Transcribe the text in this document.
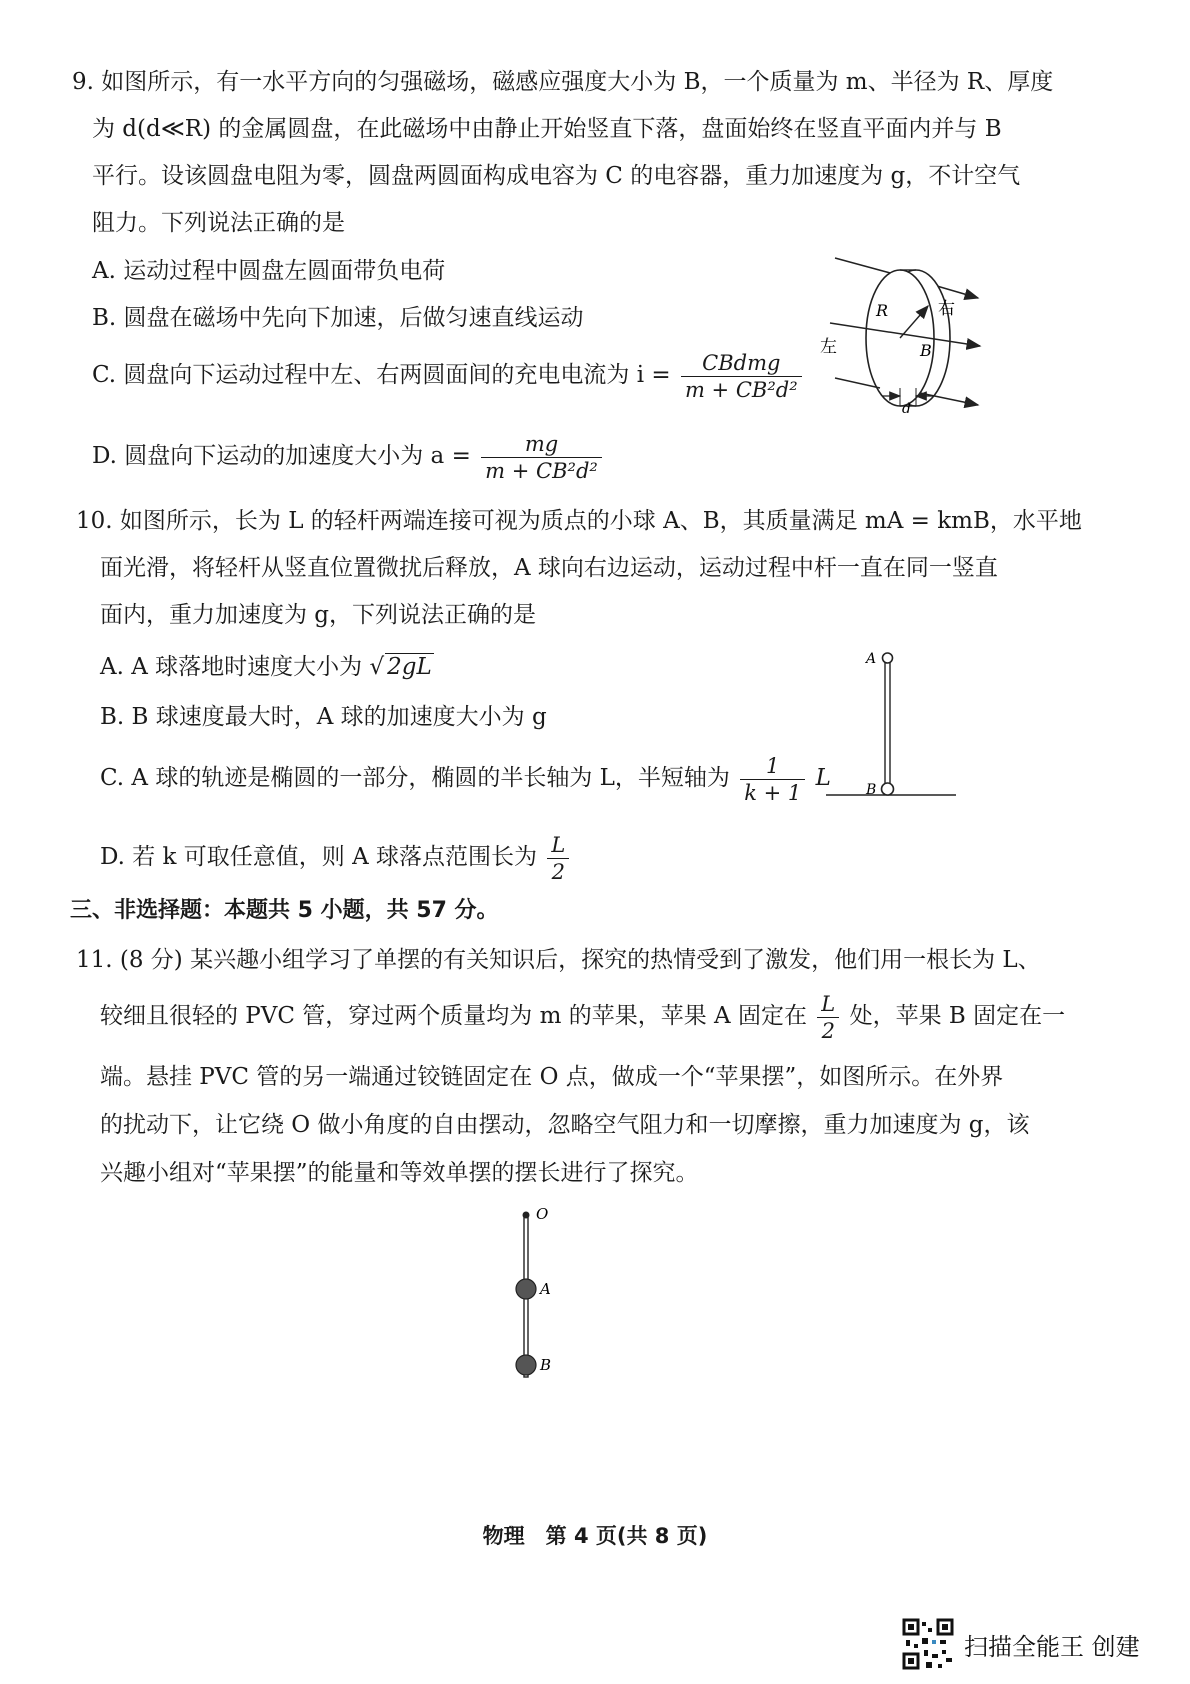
9. 如图所示，有一水平方向的匀强磁场，磁感应强度大小为 B，一个质量为 m、半径为 R、厚度
为 d(d≪R) 的金属圆盘，在此磁场中由静止开始竖直下落，盘面始终在竖直平面内并与 B
平行。设该圆盘电阻为零，圆盘两圆面构成电容为 C 的电容器，重力加速度为 g，不计空气
阻力。下列说法正确的是
A. 运动过程中圆盘左圆面带负电荷
B. 圆盘在磁场中先向下加速，后做匀速直线运动
C. 圆盘向下运动过程中左、右两圆面间的充电电流为 $i = \frac{\text{CBdmg}}{\text{m + CB²d²}}$
D. 圆盘向下运动的加速度大小为 $a = \frac{mg}{\text{m + CB²d²}}$
R	右
左	B
d
10. 如图所示，长为 L 的轻杆两端连接可视为质点的小球 A、B，其质量满足 mA = kmB，水平地
面光滑，将轻杆从竖直位置微扰后释放，A 球向右边运动，运动过程中杆一直在同一竖直
面内，重力加速度为 g，下列说法正确的是
A. A 球落地时速度大小为 √ 2gL
B. B 球速度最大时，A 球的加速度大小为 g
C. A 球的轨迹是椭圆的一部分，椭圆的半长轴为 L，半短轴为 $\frac{1}{k + 1}$ L
D. 若 k 可取任意值，则 A 球落点范围长为 $\frac{L}{2}$
A
B
三、非选择题：本题共 5 小题，共 57 分。
11. (8 分) 某兴趣小组学习了单摆的有关知识后，探究的热情受到了激发，他们用一根长为 L、
较细且很轻的 PVC 管，穿过两个质量均为 m 的苹果，苹果 A 固定在 $\frac{L}{2}$ 处，苹果 B 固定在一
端。悬挂 PVC 管的另一端通过铰链固定在 O 点，做成一个“苹果摆”，如图所示。在外界
的扰动下，让它绕 O 做小角度的自由摆动，忽略空气阻力和一切摩擦，重力加速度为 g，该
兴趣小组对“苹果摆”的能量和等效单摆的摆长进行了探究。
O
A
B
物理　第 4 页(共 8 页)
扫描全能王 创建
